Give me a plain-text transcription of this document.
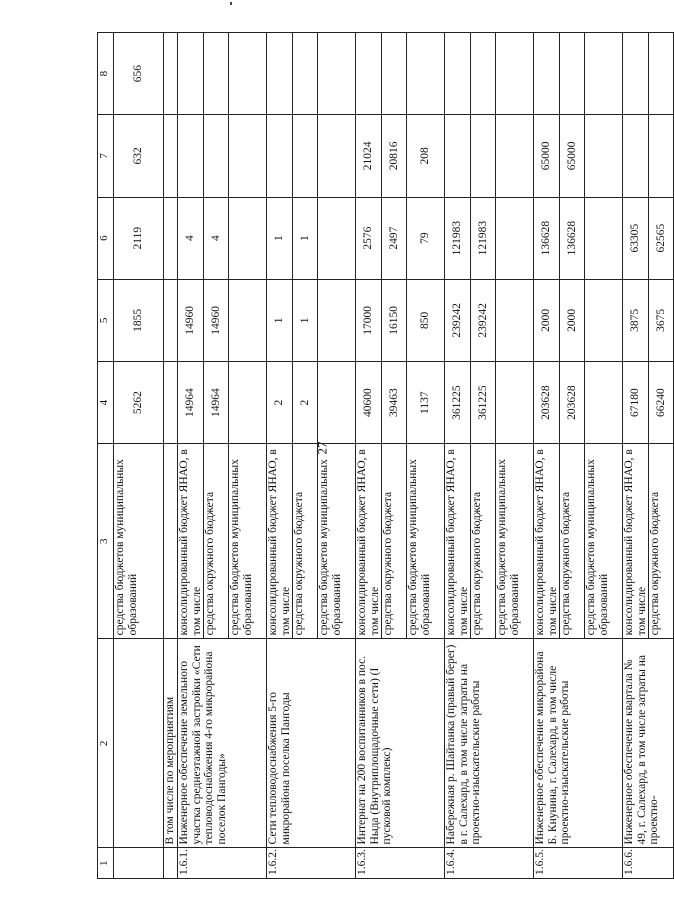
27
1	2	3	4	5	6	7	8
		средства бюджетов муниципальных образований	5262	1855	2119	632	656
	В том числе по мероприятиям						
1.6.1.	Инженерное обеспечение земельного участка среднеэтажной застройки «Сети тепловодоснабжения 4-го микрорайона поселок Пангоды»	консолидированный бюджет ЯНАО, в том числе	14964	14960	4		
		средства окружного бюджета	14964	14960	4		
		средства бюджетов муниципальных образований					
1.6.2.	Сети тепловодоснабжения 5-го микрорайона поселка Пангоды	консолидированный бюджет ЯНАО, в том числе	2	1	1		
		средства окружного бюджета	2	1	1		
		средства бюджетов муниципальных образований					
1.6.3.	Интернат на 200 воспитанников в пос. Ныда (Внутриплощадочные сети) (I пусковой комплекс)	консолидированный бюджет ЯНАО, в том числе	40600	17000	2576	21024	
		средства окружного бюджета	39463	16150	2497	20816	
		средства бюджетов муниципальных образований	1137	850	79	208	
1.6.4.	Набережная р. Шайтанка (правый берег) в г. Салехард, в том числе затраты на проектно-изыскательские работы	консолидированный бюджет ЯНАО, в том числе	361225	239242	121983		
		средства окружного бюджета	361225	239242	121983		
		средства бюджетов муниципальных образований					
1.6.5.	Инженерное обеспечение микрорайона Б. Кнунина, г. Салехард, в том числе проектно-изыскательские работы	консолидированный бюджет ЯНАО, в том числе	203628	2000	136628	65000	
		средства окружного бюджета	203628	2000	136628	65000	
		средства бюджетов муниципальных образований					
1.6.6.	Инженерное обеспечение квартала № 49, г. Салехард, в том числе затраты на проектно-	консолидированный бюджет ЯНАО, в том числе	67180	3875	63305		
		средства окружного бюджета	66240	3675	62565		
